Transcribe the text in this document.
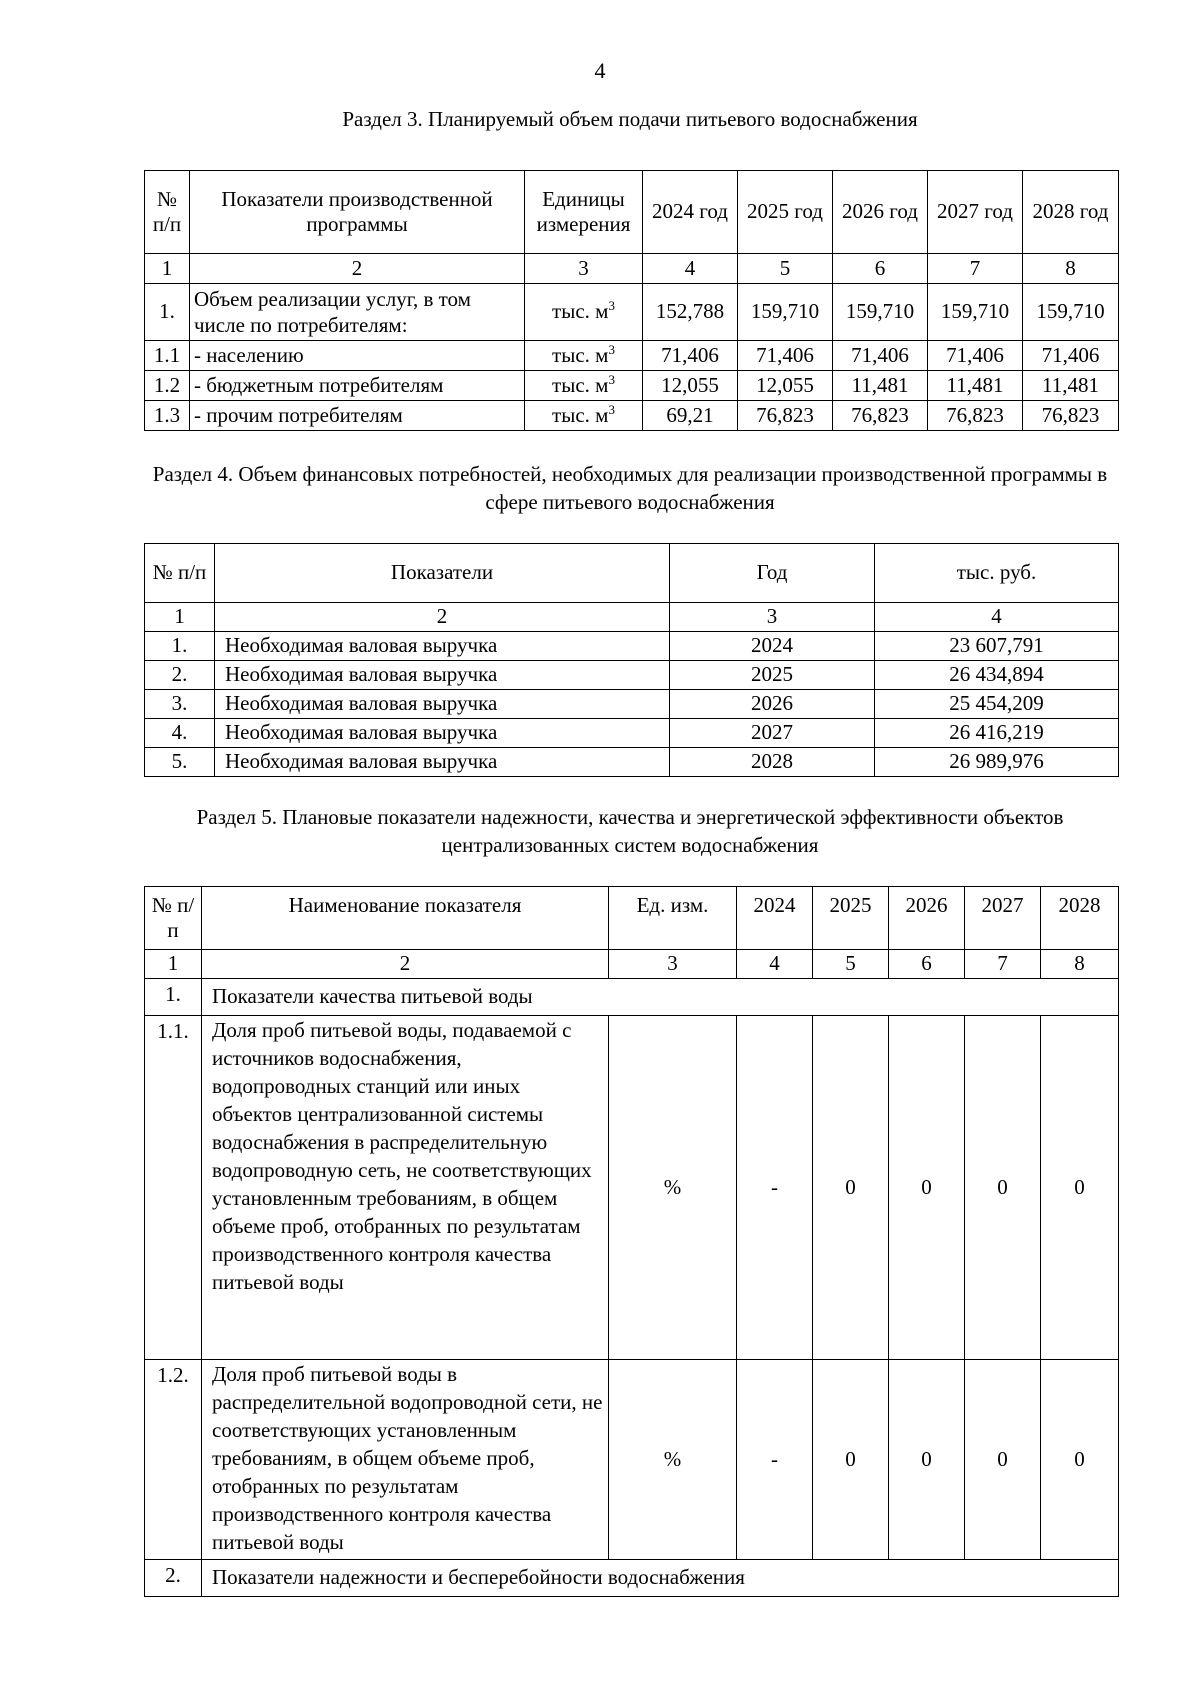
4
Раздел 3. Планируемый объем подачи питьевого водоснабжения
№ п/п	Показатели производственной программы	Единицы измерения	2024 год	2025 год	2026 год	2027 год	2028 год
1	2	3	4	5	6	7	8
1.	Объем реализации услуг, в том числе по потребителям:	тыс. $м^3$	152,788	159,710	159,710	159,710	159,710
1.1	- населению	тыс. $м^3$	71,406	71,406	71,406	71,406	71,406
1.2	- бюджетным потребителям	тыс. $м^3$	12,055	12,055	11,481	11,481	11,481
1.3	- прочим потребителям	тыс. $м^3$	69,21	76,823	76,823	76,823	76,823
Раздел 4. Объем финансовых потребностей, необходимых для реализации производственной программы в сфере питьевого водоснабжения
№ п/п	Показатели	Год	тыс. руб.
1	2	3	4
1.	Необходимая валовая выручка	2024	23 607,791
2.	Необходимая валовая выручка	2025	26 434,894
3.	Необходимая валовая выручка	2026	25 454,209
4.	Необходимая валовая выручка	2027	26 416,219
5.	Необходимая валовая выручка	2028	26 989,976
Раздел 5. Плановые показатели надежности, качества и энергетической эффективности объектов централизованных систем водоснабжения
№ п/п	Наименование показателя	Ед. изм.	2024	2025	2026	2027	2028
1	2	3	4	5	6	7	8
1.	Показатели качества питьевой воды						
1.1.	Доля проб питьевой воды, подаваемой с источников водоснабжения, водопроводных станций или иных объектов централизованной системы водоснабжения в распределительную водопроводную сеть, не соответствующих установленным требованиям, в общем объеме проб, отобранных по результатам производственного контроля качества питьевой воды	%	-	0	0	0	0
1.2.	Доля проб питьевой воды в распределительной водопроводной сети, не соответствующих установленным требованиям, в общем объеме проб, отобранных по результатам производственного контроля качества питьевой воды	%	-	0	0	0	0
2.	Показатели надежности и бесперебойности водоснабжения						
